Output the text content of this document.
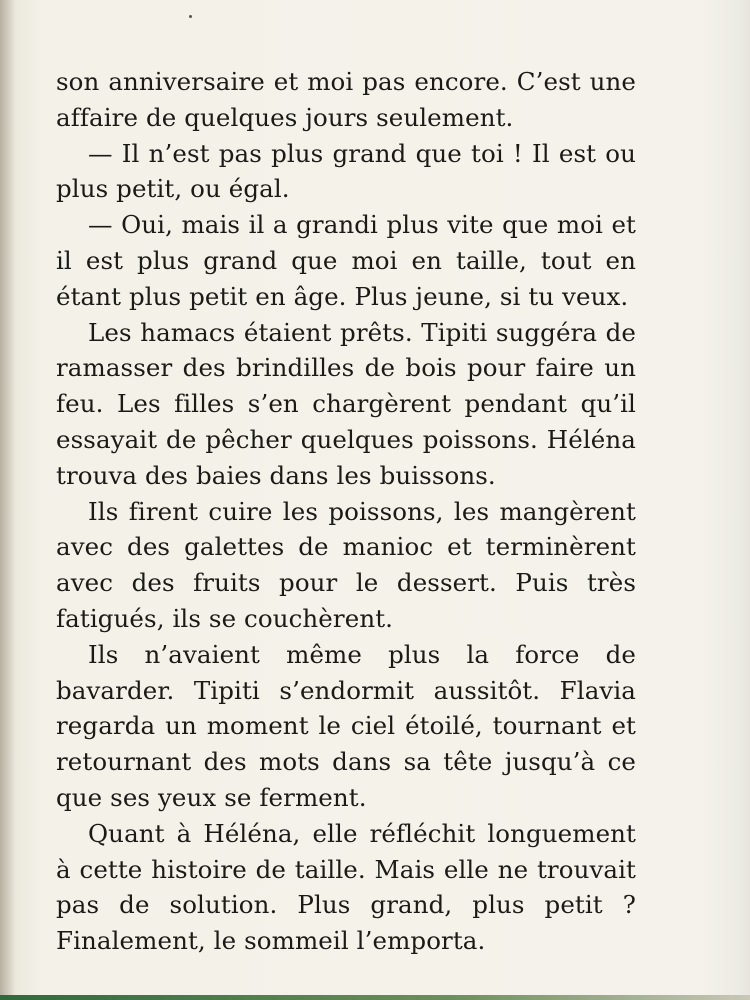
son anniversaire et moi pas encore. C’est une affaire de quelques jours seulement.

— Il n’est pas plus grand que toi ! Il est ou plus petit, ou égal.

— Oui, mais il a grandi plus vite que moi et il est plus grand que moi en taille, tout en étant plus petit en âge. Plus jeune, si tu veux.

Les hamacs étaient prêts. Tipiti suggéra de ramasser des brindilles de bois pour faire un feu. Les filles s’en chargèrent pendant qu’il essayait de pêcher quelques poissons. Héléna trouva des baies dans les buissons.

Ils firent cuire les poissons, les mangèrent avec des galettes de manioc et terminèrent avec des fruits pour le dessert. Puis très fatigués, ils se couchèrent.

Ils n’avaient même plus la force de bavarder. Tipiti s’endormit aussitôt. Flavia regarda un moment le ciel étoilé, tournant et retournant des mots dans sa tête jusqu’à ce que ses yeux se ferment.

Quant à Héléna, elle réfléchit longuement à cette histoire de taille. Mais elle ne trouvait pas de solution. Plus grand, plus petit ? Finalement, le sommeil l’emporta.
